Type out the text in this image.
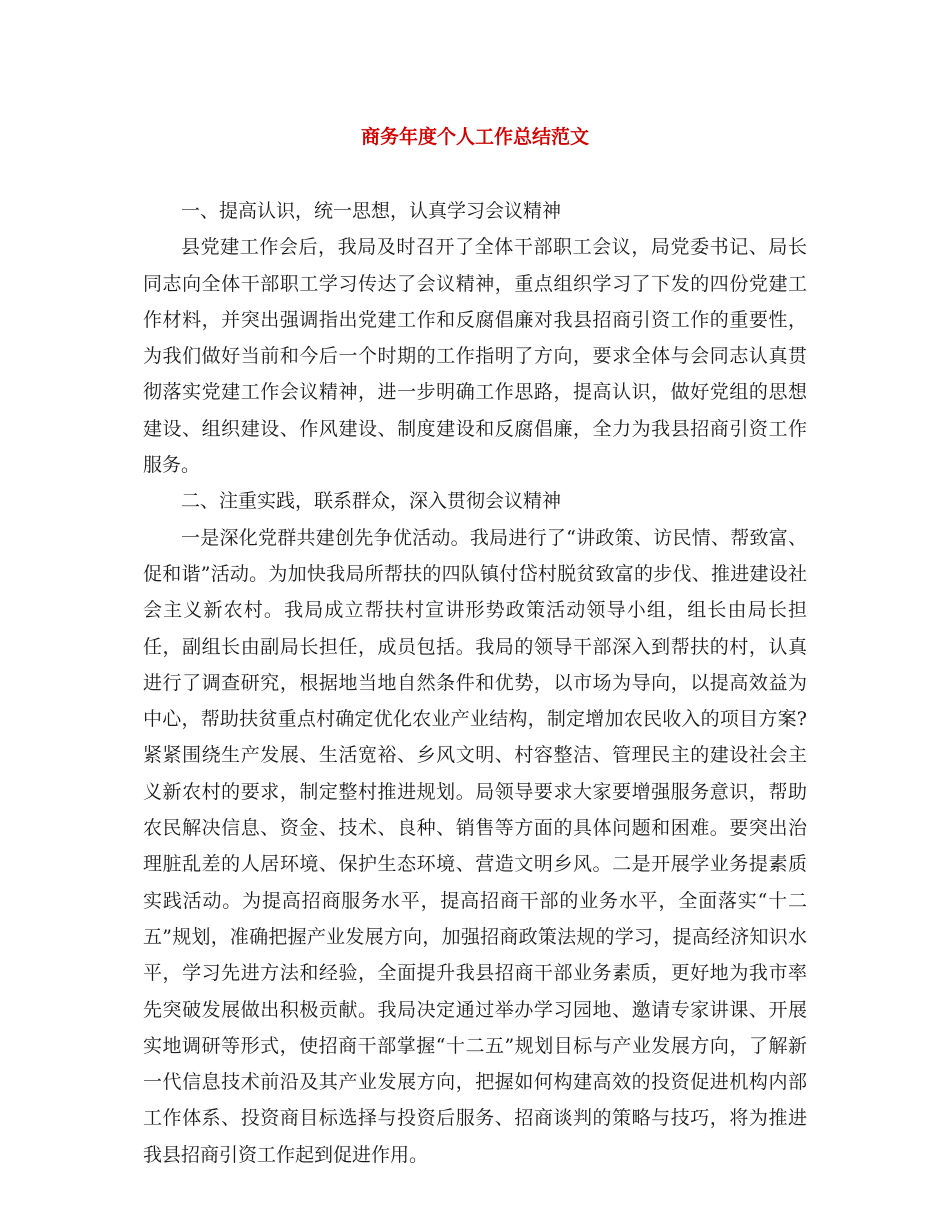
商务年度个人工作总结范文

一、提高认识，统一思想，认真学习会议精神

县党建工作会后，我局及时召开了全体干部职工会议，局党委书记、局长同志向全体干部职工学习传达了会议精神，重点组织学习了下发的四份党建工作材料，并突出强调指出党建工作和反腐倡廉对我县招商引资工作的重要性，为我们做好当前和今后一个时期的工作指明了方向，要求全体与会同志认真贯彻落实党建工作会议精神，进一步明确工作思路，提高认识，做好党组的思想建设、组织建设、作风建设、制度建设和反腐倡廉，全力为我县招商引资工作服务。

二、注重实践，联系群众，深入贯彻会议精神

一是深化党群共建创先争优活动。我局进行了“讲政策、访民情、帮致富、促和谐”活动。为加快我局所帮扶的四队镇付岱村脱贫致富的步伐、推进建设社会主义新农村。我局成立帮扶村宣讲形势政策活动领导小组，组长由局长担任，副组长由副局长担任，成员包括。我局的领导干部深入到帮扶的村，认真进行了调查研究，根据地当地自然条件和优势，以市场为导向，以提高效益为中心，帮助扶贫重点村确定优化农业产业结构，制定增加农民收入的项目方案?紧紧围绕生产发展、生活宽裕、乡风文明、村容整洁、管理民主的建设社会主义新农村的要求，制定整村推进规划。局领导要求大家要增强服务意识，帮助农民解决信息、资金、技术、良种、销售等方面的具体问题和困难。要突出治理脏乱差的人居环境、保护生态环境、营造文明乡风。二是开展学业务提素质实践活动。为提高招商服务水平，提高招商干部的业务水平，全面落实“十二五”规划，准确把握产业发展方向，加强招商政策法规的学习，提高经济知识水平，学习先进方法和经验，全面提升我县招商干部业务素质，更好地为我市率先突破发展做出积极贡献。我局决定通过举办学习园地、邀请专家讲课、开展实地调研等形式，使招商干部掌握“十二五”规划目标与产业发展方向，了解新一代信息技术前沿及其产业发展方向，把握如何构建高效的投资促进机构内部工作体系、投资商目标选择与投资后服务、招商谈判的策略与技巧，将为推进我县招商引资工作起到促进作用。
